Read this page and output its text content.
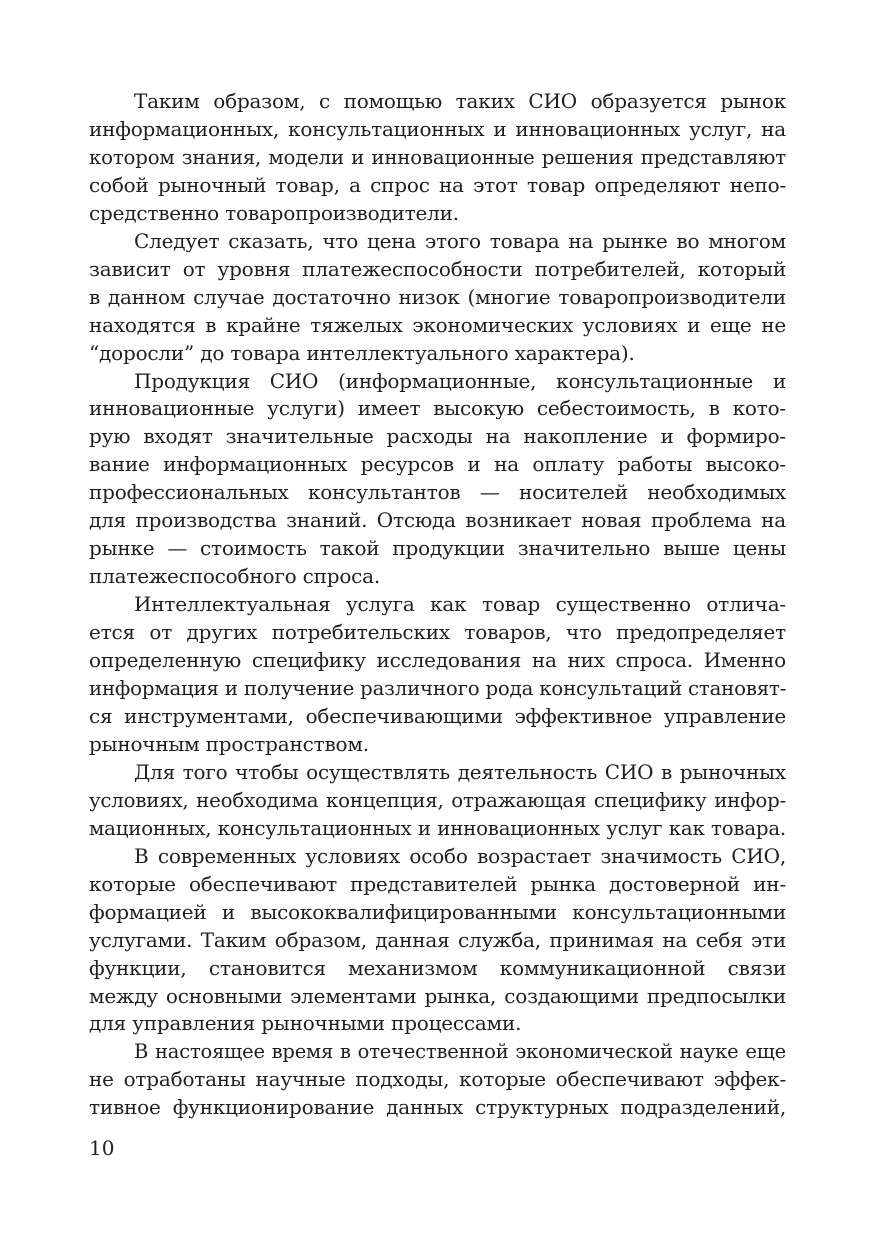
Таким образом, с помощью таких СИО образуется рынок
информационных, консультационных и инновационных услуг, на
котором знания, модели и инновационные решения представляют
собой рыночный товар, а спрос на этот товар определяют непо-
средственно товаропроизводители.
Следует сказать, что цена этого товара на рынке во многом
зависит от уровня платежеспособности потребителей, который
в данном случае достаточно низок (многие товаропроизводители
находятся в крайне тяжелых экономических условиях и еще не
“доросли” до товара интеллектуального характера).
Продукция СИО (информационные, консультационные и
инновационные услуги) имеет высокую себестоимость, в кото-
рую входят значительные расходы на накопление и формиро-
вание информационных ресурсов и на оплату работы высоко-
профессиональных консультантов — носителей необходимых
для производства знаний. Отсюда возникает новая проблема на
рынке — стоимость такой продукции значительно выше цены
платежеспособного спроса.
Интеллектуальная услуга как товар существенно отлича-
ется от других потребительских товаров, что предопределяет
определенную специфику исследования на них спроса. Именно
информация и получение различного рода консультаций становят-
ся инструментами, обеспечивающими эффективное управление
рыночным пространством.
Для того чтобы осуществлять деятельность СИО в рыночных
условиях, необходима концепция, отражающая специфику инфор-
мационных, консультационных и инновационных услуг как товара.
В современных условиях особо возрастает значимость СИО,
которые обеспечивают представителей рынка достоверной ин-
формацией и высококвалифицированными консультационными
услугами. Таким образом, данная служба, принимая на себя эти
функции, становится механизмом коммуникационной связи
между основными элементами рынка, создающими предпосылки
для управления рыночными процессами.
В настоящее время в отечественной экономической науке еще
не отработаны научные подходы, которые обеспечивают эффек-
тивное функционирование данных структурных подразделений,
10
